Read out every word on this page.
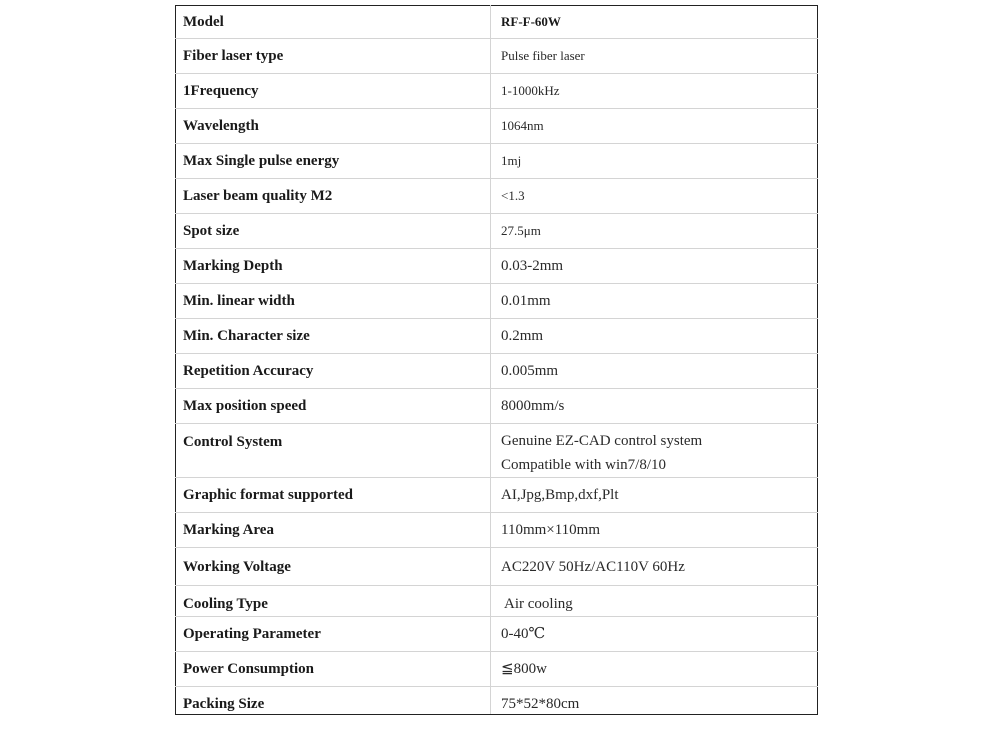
Model	RF-F-60W
Fiber laser type	Pulse fiber laser
1Frequency	1-1000kHz
Wavelength	1064nm
Max Single pulse energy	1mj
Laser beam quality M2	<1.3
Spot size	27.5μm
Marking Depth	0.03-2mm
Min. linear width	0.01mm
Min. Character size	0.2mm
Repetition Accuracy	0.005mm
Max position speed	8000mm/s
Control System	Genuine EZ-CAD control system
Compatible with win7/8/10

Graphic format supported	AI,Jpg,Bmp,dxf,Plt
Marking Area	110mm×110mm
Working Voltage	AC220V 50Hz/AC110V 60Hz
Cooling Type	Air cooling
Operating Parameter	0-40℃
Power Consumption	≦800w
Packing Size	75*52*80cm
